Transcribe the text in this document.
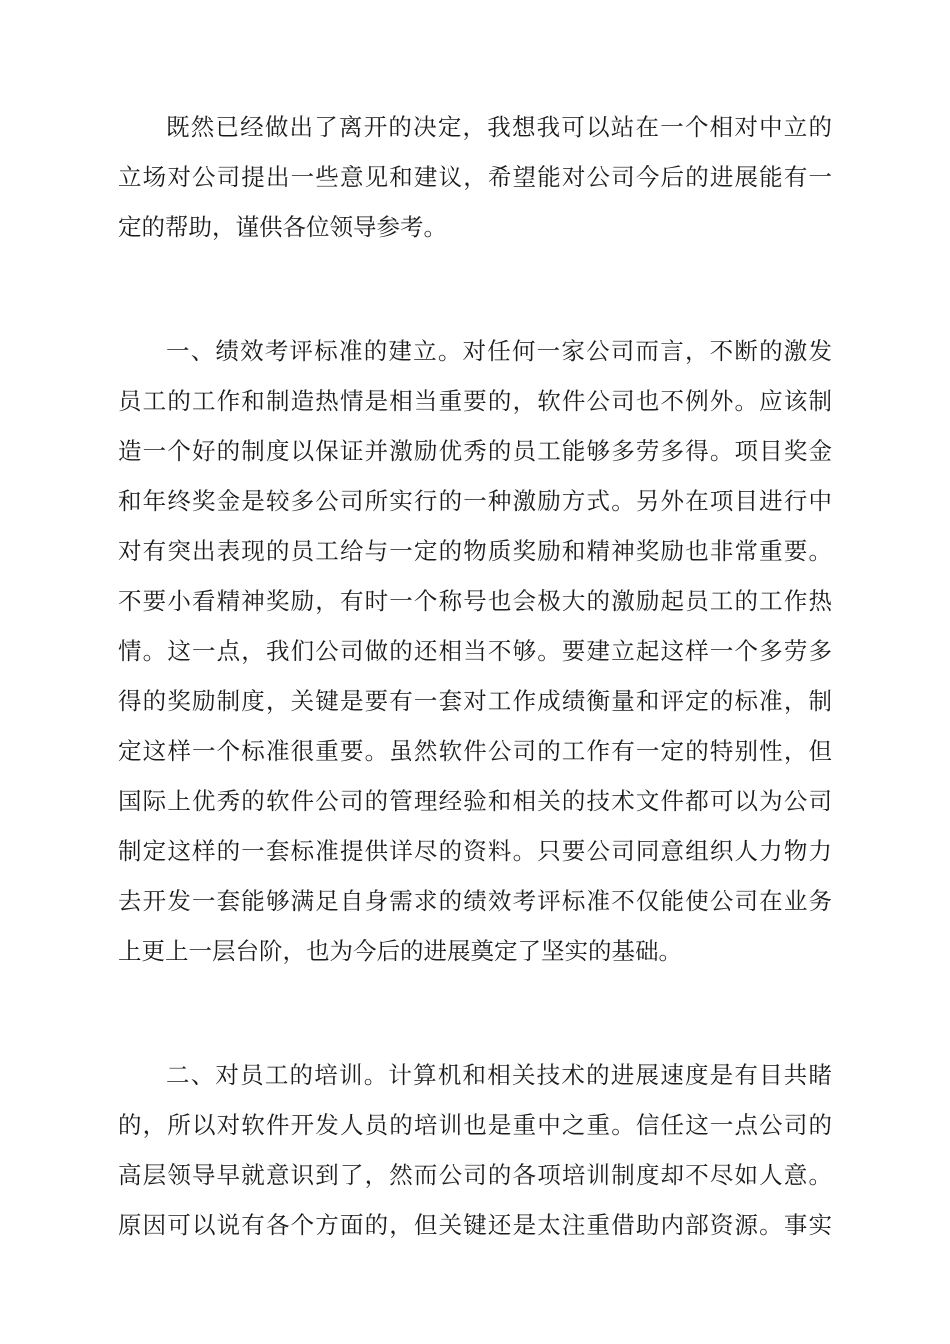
既然已经做出了离开的决定，我想我可以站在一个相对中立的
立场对公司提出一些意见和建议，希望能对公司今后的进展能有一
定的帮助，谨供各位领导参考。
一、绩效考评标准的建立。对任何一家公司而言，不断的激发
员工的工作和制造热情是相当重要的，软件公司也不例外。应该制
造一个好的制度以保证并激励优秀的员工能够多劳多得。项目奖金
和年终奖金是较多公司所实行的一种激励方式。另外在项目进行中
对有突出表现的员工给与一定的物质奖励和精神奖励也非常重要。
不要小看精神奖励，有时一个称号也会极大的激励起员工的工作热
情。这一点，我们公司做的还相当不够。要建立起这样一个多劳多
得的奖励制度，关键是要有一套对工作成绩衡量和评定的标准，制
定这样一个标准很重要。虽然软件公司的工作有一定的特别性，但
国际上优秀的软件公司的管理经验和相关的技术文件都可以为公司
制定这样的一套标准提供详尽的资料。只要公司同意组织人力物力
去开发一套能够满足自身需求的绩效考评标准不仅能使公司在业务
上更上一层台阶，也为今后的进展奠定了坚实的基础。
二、对员工的培训。计算机和相关技术的进展速度是有目共睹
的，所以对软件开发人员的培训也是重中之重。信任这一点公司的
高层领导早就意识到了，然而公司的各项培训制度却不尽如人意。
原因可以说有各个方面的，但关键还是太注重借助内部资源。事实
